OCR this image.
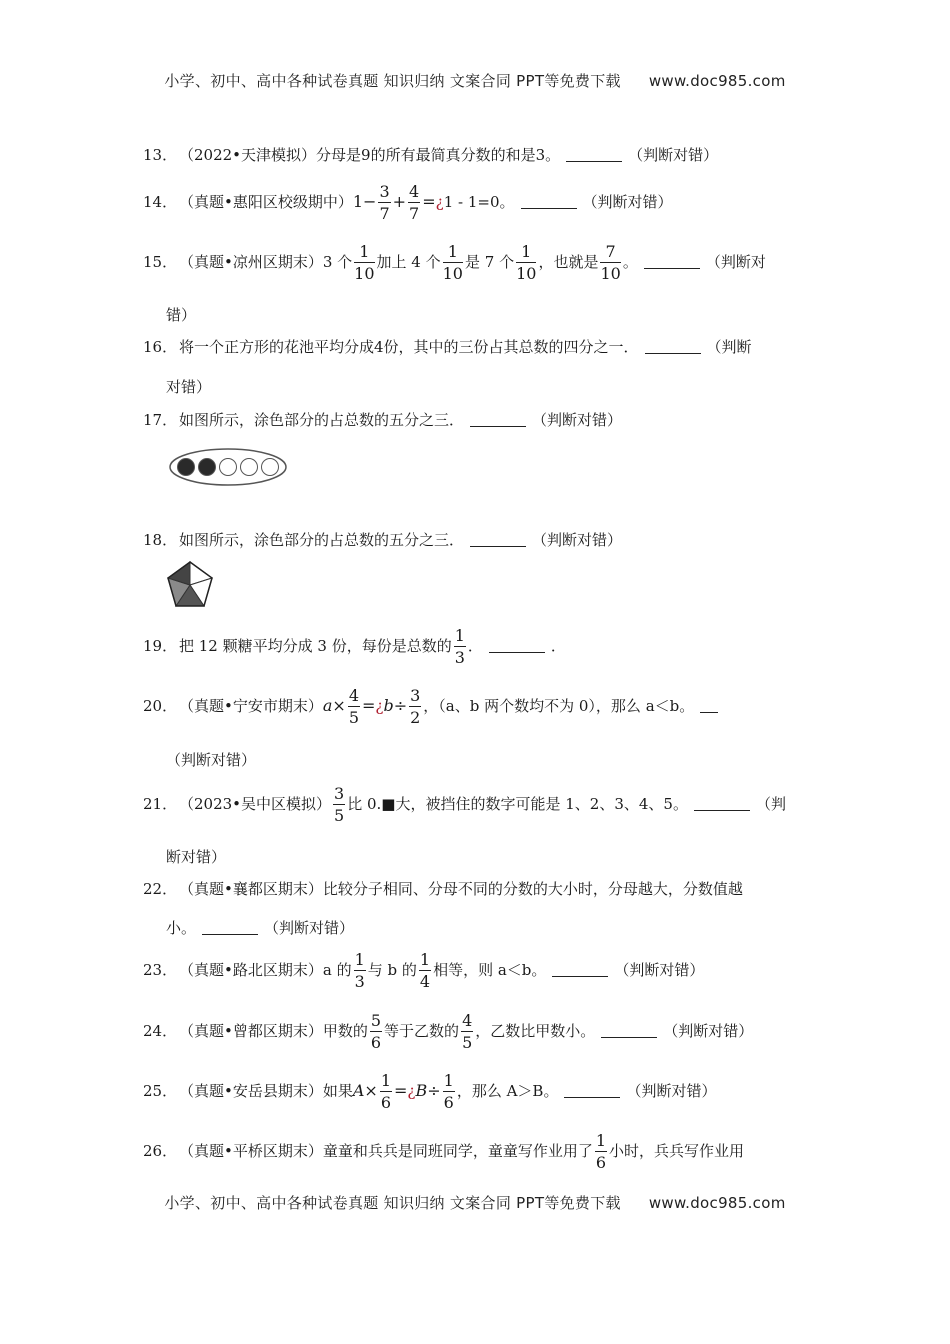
小学、初中、高中各种试卷真题 知识归纳 文案合同 PPT等免费下载 www.doc985.com
13． （2022•天津模拟）分母是9的所有最简真分数的和是3。	（判断对错）
14． （真题•惠阳区校级期中）$1- \frac{3}{7} + \frac{4}{7}$ =¿1 - 1=0。	（判断对错）
15． （真题•凉州区期末）3 个 $\frac{1}{10}$ 加上 4 个 $\frac{1}{10}$ 是 7 个 $\frac{1}{10}$ ，也就是 $\frac{7}{10}$ 。	（判断对
错）
16． 将一个正方形的花池平均分成4份，其中的三份占其总数的四分之一．	（判断
对错）
17． 如图所示，涂色部分的占总数的五分之三．	（判断对错）
18． 如图所示，涂色部分的占总数的五分之三．	（判断对错）
19． 把 12 颗糖平均分成 3 份，每份是总数的 $\frac{1}{3}$ ．	．
20． （真题•宁安市期末）$a\times \frac{4}{5}$ =¿b÷ $\frac{3}{2}$ ，（a、b 两个数均不为 0），那么 a＜b。
（判断对错）
21． （2023•吴中区模拟） $\frac{3}{5}$ 比 0.■大，被挡住的数字可能是 1、2、3、4、5。	（判
断对错）
22． （真题•襄都区期末）比较分子相同、分母不同的分数的大小时，分母越大，分数值越
小。	（判断对错）
23． （真题•路北区期末）a 的 $\frac{1}{3}$ 与 b 的 $\frac{1}{4}$ 相等，则 a＜b。	（判断对错）
24． （真题•曾都区期末）甲数的 $\frac{5}{6}$ 等于乙数的 $\frac{4}{5}$ ，乙数比甲数小。	（判断对错）
25． （真题•安岳县期末）如果$A\times \frac{1}{6}$ =¿B÷ $\frac{1}{6}$ ，那么 A＞B。	（判断对错）
26． （真题•平桥区期末）童童和兵兵是同班同学，童童写作业用了 $\frac{1}{6}$ 小时，兵兵写作业用
小学、初中、高中各种试卷真题 知识归纳 文案合同 PPT等免费下载 www.doc985.com
